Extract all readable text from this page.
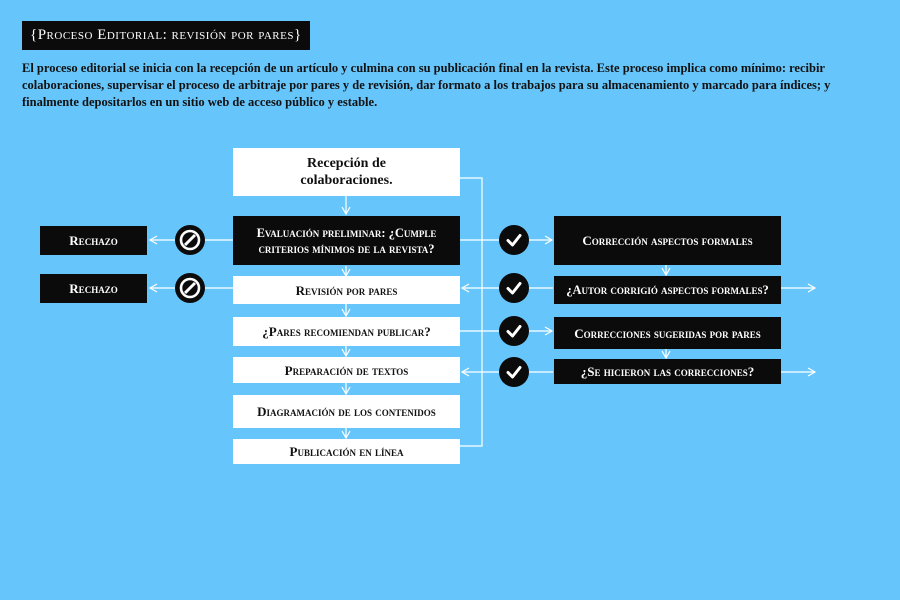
{Proceso Editorial: revisión por pares}

El proceso editorial se inicia con la recepción de un artículo y culmina con su publicación final en la revista. Este proceso implica como mínimo: recibir colaboraciones, supervisar el proceso de arbitraje por pares y de revisión, dar formato a los trabajos para su almacenamiento y marcado para índices; y finalmente depositarlos en un sitio web de acceso público y estable.

Recepción de colaboraciones.
Evaluación preliminar: ¿Cumple criterios mínimos de la revista?
Revisión por pares
¿Pares recomiendan publicar?
Preparación de textos
Diagramación de los contenidos
Publicación en línea
Rechazo
Rechazo
Corrección aspectos formales
¿Autor corrigió aspectos formales?
Correcciones sugeridas por pares
¿Se hicieron las correcciones?
